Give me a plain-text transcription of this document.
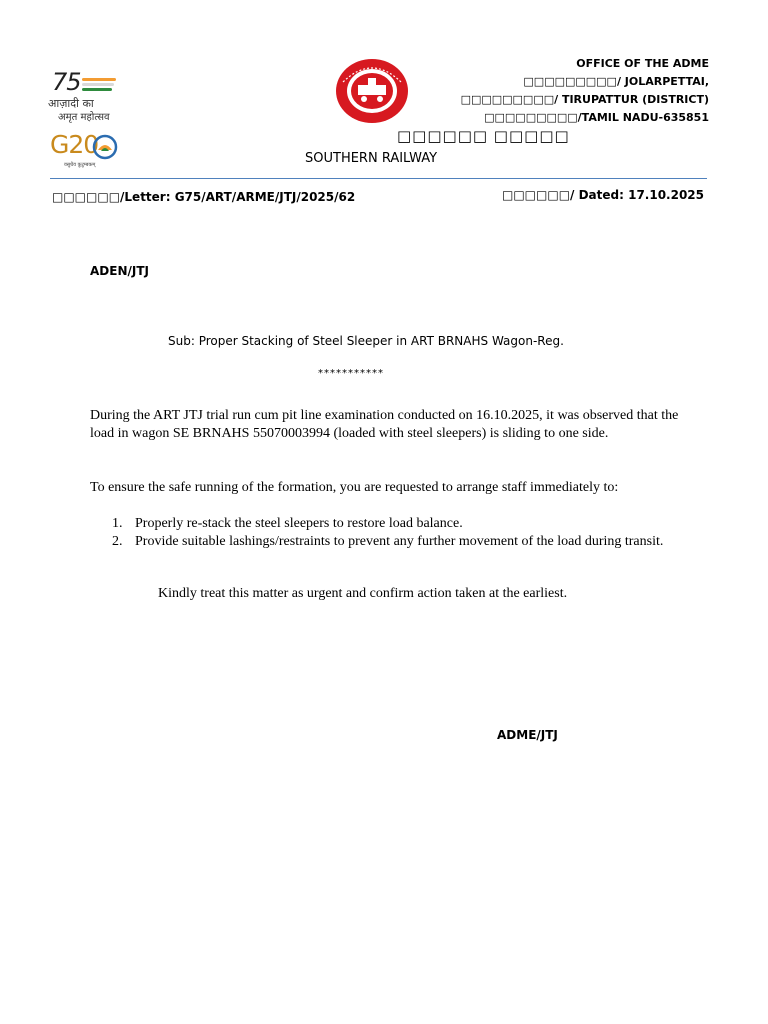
75
आज़ादी का
अमृत महोत्सव
G20
वसुधैव कुटुम्बकम्
OFFICE OF THE ADME
□□□□□□□□□/ JOLARPETTAI,
□□□□□□□□□/ TIRUPATTUR (DISTRICT)
□□□□□□□□□/TAMIL NADU-635851
□□□□□□ □□□□□
SOUTHERN RAILWAY
□□□□□□/Letter: G75/ART/ARME/JTJ/2025/62	□□□□□□/ Dated: 17.10.2025
ADEN/JTJ
Sub: Proper Stacking of Steel Sleeper in ART BRNAHS Wagon-Reg.
***********
During the ART JTJ trial run cum pit line examination conducted on 16.10.2025, it was observed that the load in wagon SE BRNAHS 55070003994 (loaded with steel sleepers) is sliding to one side.
To ensure the safe running of the formation, you are requested to arrange staff immediately to:
1. Properly re-stack the steel sleepers to restore load balance.
2. Provide suitable lashings/restraints to prevent any further movement of the load during transit.
Kindly treat this matter as urgent and confirm action taken at the earliest.
ADME/JTJ
